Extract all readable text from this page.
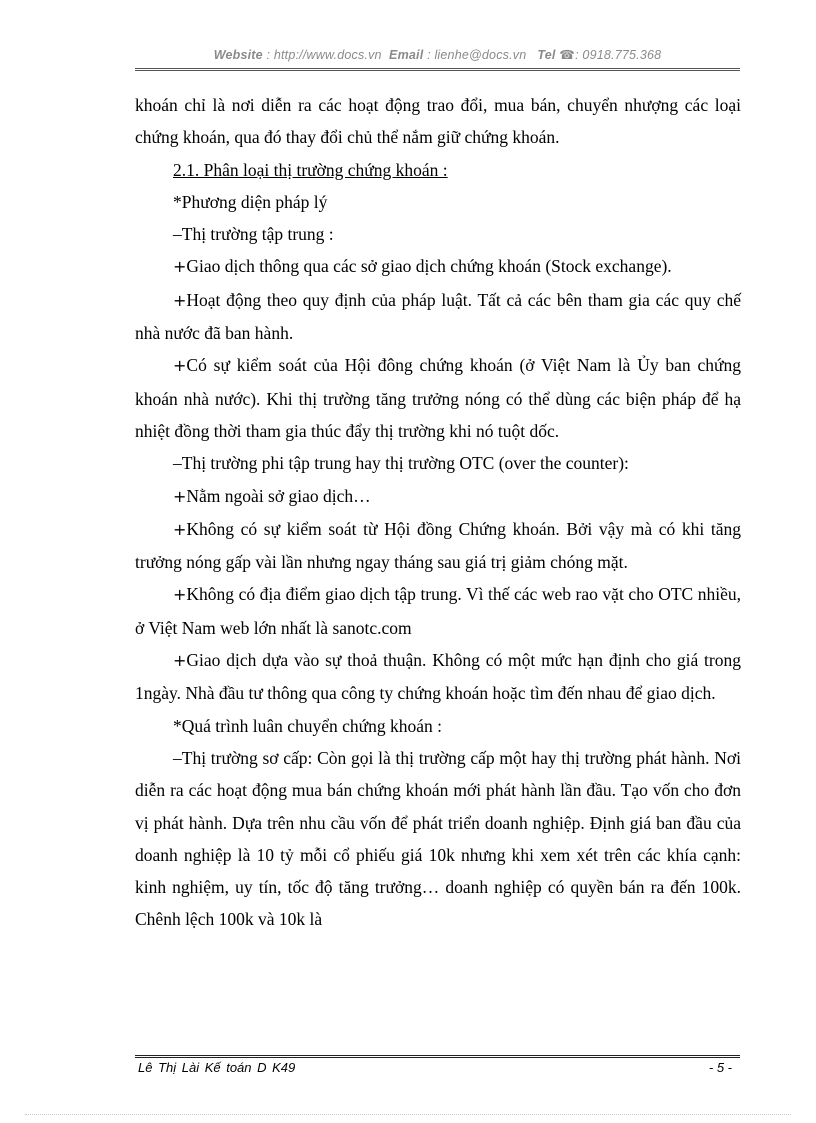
Website : http://www.docs.vn Email : lienhe@docs.vn Tel ☎: 0918.775.368

khoán chỉ là nơi diễn ra các hoạt động trao đổi, mua bán, chuyển nhượng các loại chứng khoán, qua đó thay đổi chủ thể nắm giữ chứng khoán.

2.1. Phân loại thị trường chứng khoán :

*Phương diện pháp lý

–Thị trường tập trung :

+Giao dịch thông qua các sở giao dịch chứng khoán (Stock exchange).

+Hoạt động theo quy định của pháp luật. Tất cả các bên tham gia các quy chế nhà nước đã ban hành.

+Có sự kiểm soát của Hội đông chứng khoán (ở Việt Nam là Ủy ban chứng khoán nhà nước). Khi thị trường tăng trưởng nóng có thể dùng các biện pháp để hạ nhiệt đồng thời tham gia thúc đẩy thị trường khi nó tuột dốc.

–Thị trường phi tập trung hay thị trường OTC (over the counter):

+Nằm ngoài sở giao dịch…

+Không có sự kiểm soát từ Hội đồng Chứng khoán. Bởi vậy mà có khi tăng trưởng nóng gấp vài lần nhưng ngay tháng sau giá trị giảm chóng mặt.

+Không có địa điểm giao dịch tập trung. Vì thế các web rao vặt cho OTC nhiều, ở Việt Nam web lớn nhất là sanotc.com

+Giao dịch dựa vào sự thoả thuận. Không có một mức hạn định cho giá trong 1ngày. Nhà đầu tư thông qua công ty chứng khoán hoặc tìm đến nhau để giao dịch.

*Quá trình luân chuyển chứng khoán :

–Thị trường sơ cấp: Còn gọi là thị trường cấp một hay thị trường phát hành. Nơi diễn ra các hoạt động mua bán chứng khoán mới phát hành lần đầu. Tạo vốn cho đơn vị phát hành. Dựa trên nhu cầu vốn để phát triển doanh nghiệp. Định giá ban đầu của doanh nghiệp là 10 tỷ mỗi cổ phiếu giá 10k nhưng khi xem xét trên các khía cạnh: kinh nghiệm, uy tín, tốc độ tăng trưởng… doanh nghiệp có quyền bán ra đến 100k. Chênh lệch 100k và 10k là

Lê Thị Lài Kế toán D K49	- 5 -
